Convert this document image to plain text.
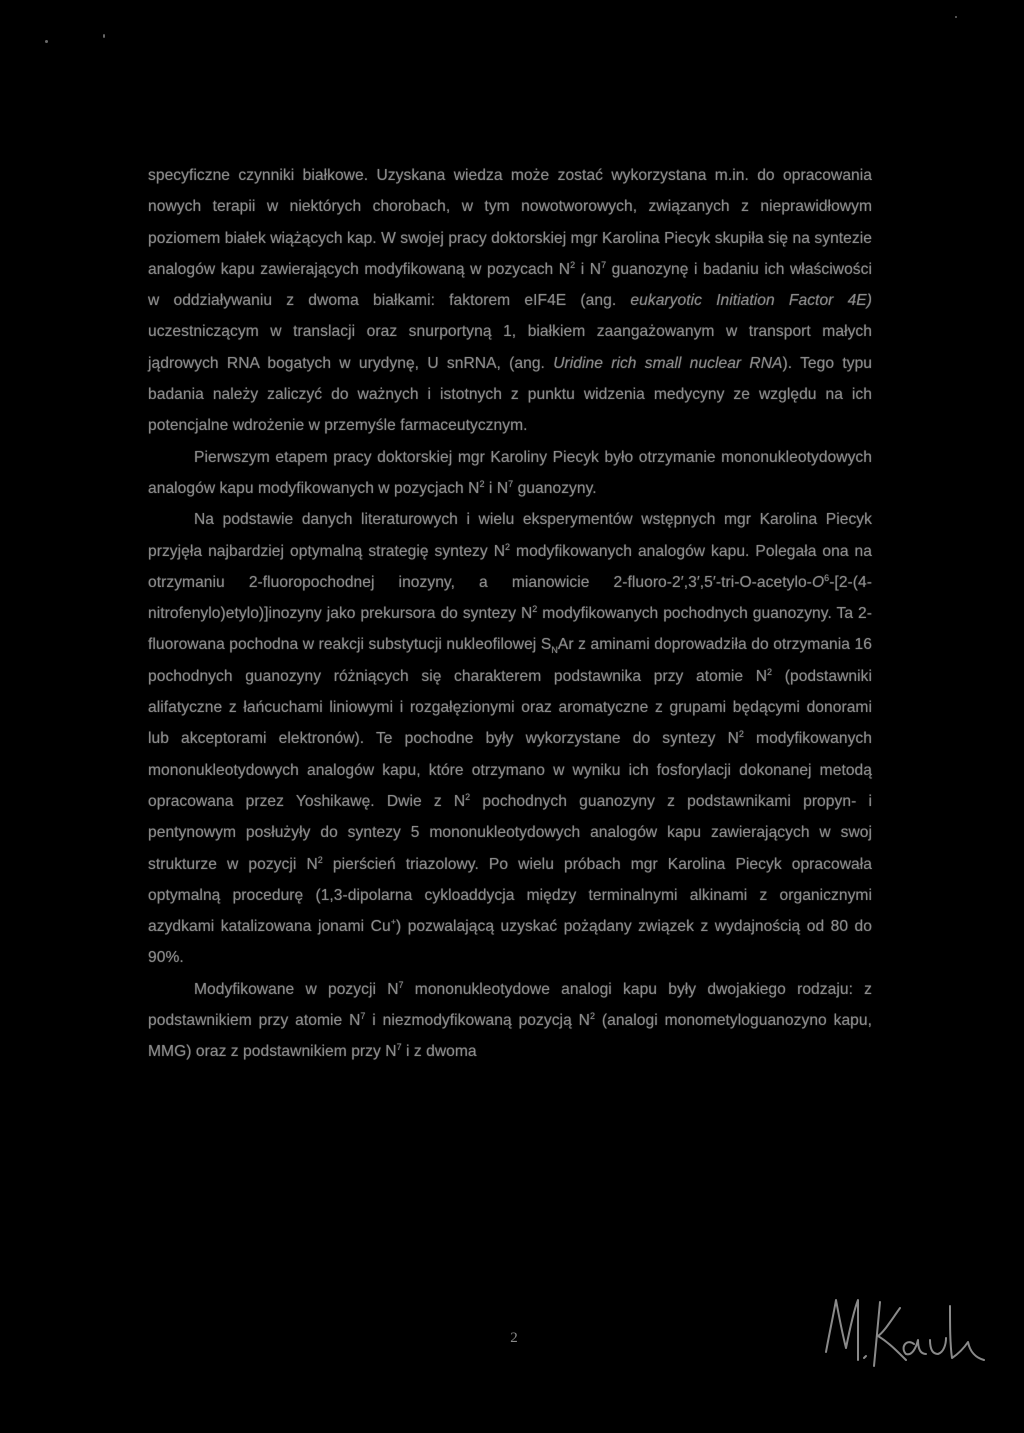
specyficzne czynniki białkowe. Uzyskana wiedza może zostać wykorzystana m.in. do opracowania nowych terapii w niektórych chorobach, w tym nowotworowych, związanych z nieprawidłowym poziomem białek wiążących kap. W swojej pracy doktorskiej mgr Karolina Piecyk skupiła się na syntezie analogów kapu zawierających modyfikowaną w pozycach $N^2$ i $N^7$ guanozynę i badaniu ich właściwości w oddziaływaniu z dwoma białkami: faktorem eIF4E (ang. eukaryotic Initiation Factor 4E) uczestniczącym w translacji oraz snurportyną 1, białkiem zaangażowanym w transport małych jądrowych RNA bogatych w urydynę, U snRNA, (ang. Uridine rich small nuclear RNA). Tego typu badania należy zaliczyć do ważnych i istotnych z punktu widzenia medycyny ze względu na ich potencjalne wdrożenie w przemyśle farmaceutycznym.

Pierwszym etapem pracy doktorskiej mgr Karoliny Piecyk było otrzymanie mononukleotydowych analogów kapu modyfikowanych w pozycjach $N^2$ i $N^7$ guanozyny.

Na podstawie danych literaturowych i wielu eksperymentów wstępnych mgr Karolina Piecyk przyjęła najbardziej optymalną strategię syntezy $N^2$ modyfikowanych analogów kapu. Polegała ona na otrzymaniu 2-fluoropochodnej inozyny, a mianowicie $2-fluoro-2',3',5'-tri-O-acetylo-O^6-[2-(4-nitrofenylo)etylo)]inozyny$ jako prekursora do syntezy $N^2$ modyfikowanych pochodnych guanozyny. Ta 2-fluorowana pochodna w reakcji substytucji nukleofilowej $S_NAr$ z aminami doprowadziła do otrzymania 16 pochodnych guanozyny różniących się charakterem podstawnika przy atomie $N^2$ (podstawniki alifatyczne z łańcuchami liniowymi i rozgałęzionymi oraz aromatyczne z grupami będącymi donorami lub akceptorami elektronów). Te pochodne były wykorzystane do syntezy $N^2$ modyfikowanych mononukleotydowych analogów kapu, które otrzymano w wyniku ich fosforylacji dokonanej metodą opracowana przez Yoshikawę. Dwie z $N^2$ pochodnych guanozyny z podstawnikami propyn- i pentynowym posłużyły do syntezy 5 mononukleotydowych analogów kapu zawierających w swoj strukturze w pozycji $N^2$ pierścień triazolowy. Po wielu próbach mgr Karolina Piecyk opracowała optymalną procedurę (1,3-dipolarna cykloaddycja między terminalnymi alkinami z organicznymi azydkami katalizowana jonami Cu+) pozwalającą uzyskać pożądany związek z wydajnością od 80 do 90%.

Modyfikowane w pozycji $N^7$ mononukleotydowe analogi kapu były dwojakiego rodzaju: z podstawnikiem przy atomie $N^7$ i niezmodyfikowaną pozycją $N^2$ (analogi monometyloguanozyno kapu, MMG) oraz z podstawnikiem przy $N^7$ i z dwoma

2
